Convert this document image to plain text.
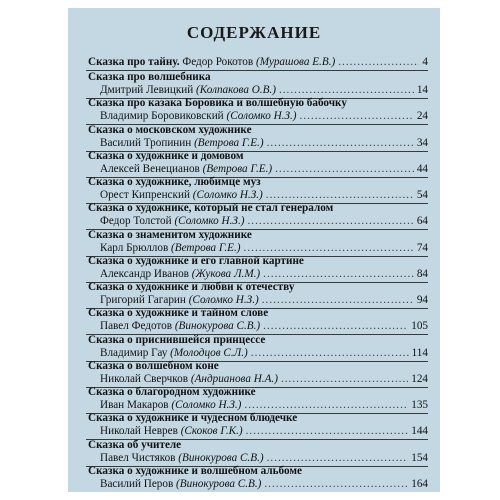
СОДЕРЖАНИЕ
Сказка про тайну.
Федор Рокотов
(Мурашова Е.В.) .....	4
Сказка про волшебника
Дмитрий Левицкий
(Колпакова О.В.) .....	14
Сказка про казака Боровика и волшебную бабочку
Владимир Боровиковский
(Соломко Н.З.) .....	24
Сказка о московском художнике
Василий Тропинин
(Ветрова Г.Е.) .....	34
Сказка о художнике и домовом
Алексей Венецианов
(Ветрова Г.Е.) .....	44
Сказка о художнике, любимце муз
Орест Кипренский
(Соломко Н.З.) .....	54
Сказка о художнике, который не стал генералом
Федор Толстой
(Соломко Н.З.) .....	64
Сказка о знаменитом художнике
Карл Брюллов
(Ветрова Г.Е.) .....	74
Сказка о художнике и его главной картине
Александр Иванов
(Жукова Л.М.) .....	84
Сказка о художнике и любви к отечеству
Григорий Гагарин
(Соломко Н.З.) .....	94
Сказка о художнике и тайном слове
Павел Федотов
(Винокурова С.В.) .....	105
Сказка о приснившейся принцессе
Владимир Гау
(Молодцов С.Л.) .....	114
Сказка о волшебном коне
Николай Сверчков
(Андрианова Н.А.) .....	124
Сказка о благородном художнике
Иван Макаров
(Соломко Н.З.) .....	135
Сказка о художнике и чудесном блюдечке
Николай Неврев
(Скоков Г.К.) .....	144
Сказка об учителе
Павел Чистяков
(Винокурова С.В.) .....	154
Сказка о художнике и волшебном альбоме
Василий Перов
(Винокурова С.В.) .....	164
